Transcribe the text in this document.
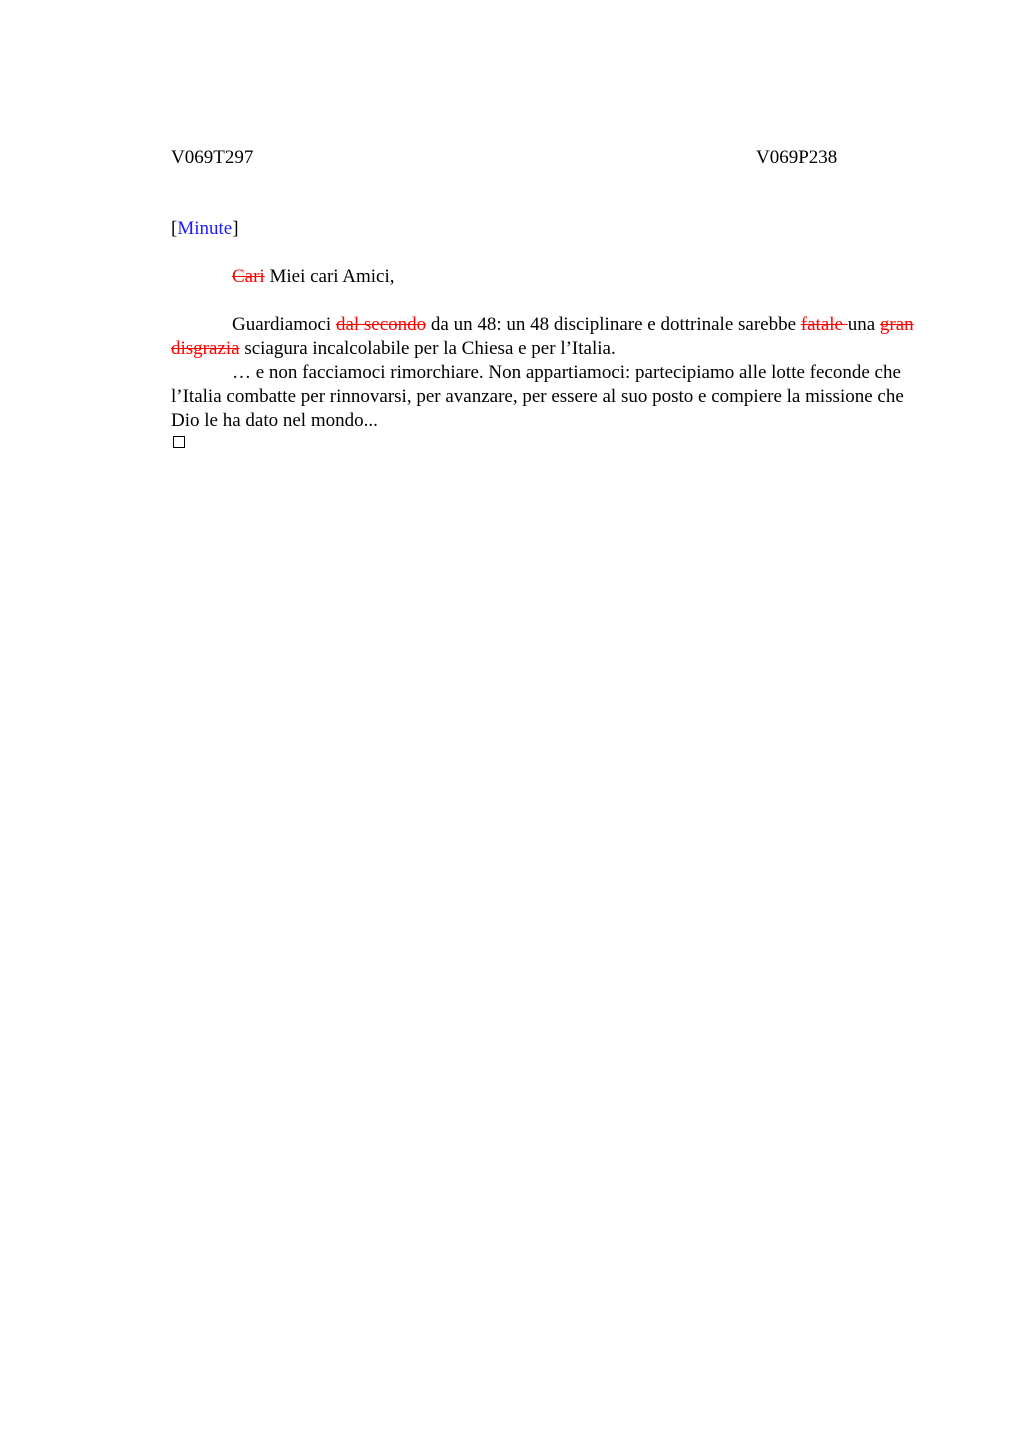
V069T297	V069P238
[Minute]
Cari Miei cari Amici,

Guardiamoci dal secondo da un 48: un 48 disciplinare e dottrinale sarebbe fatale una gran disgrazia sciagura incalcolabile per la Chiesa e per l’Italia.

… e non facciamoci rimorchiare. Non appartiamoci: partecipiamo alle lotte feconde che l’Italia combatte per rinnovarsi, per avanzare, per essere al suo posto e compiere la missione che Dio le ha dato nel mondo...
